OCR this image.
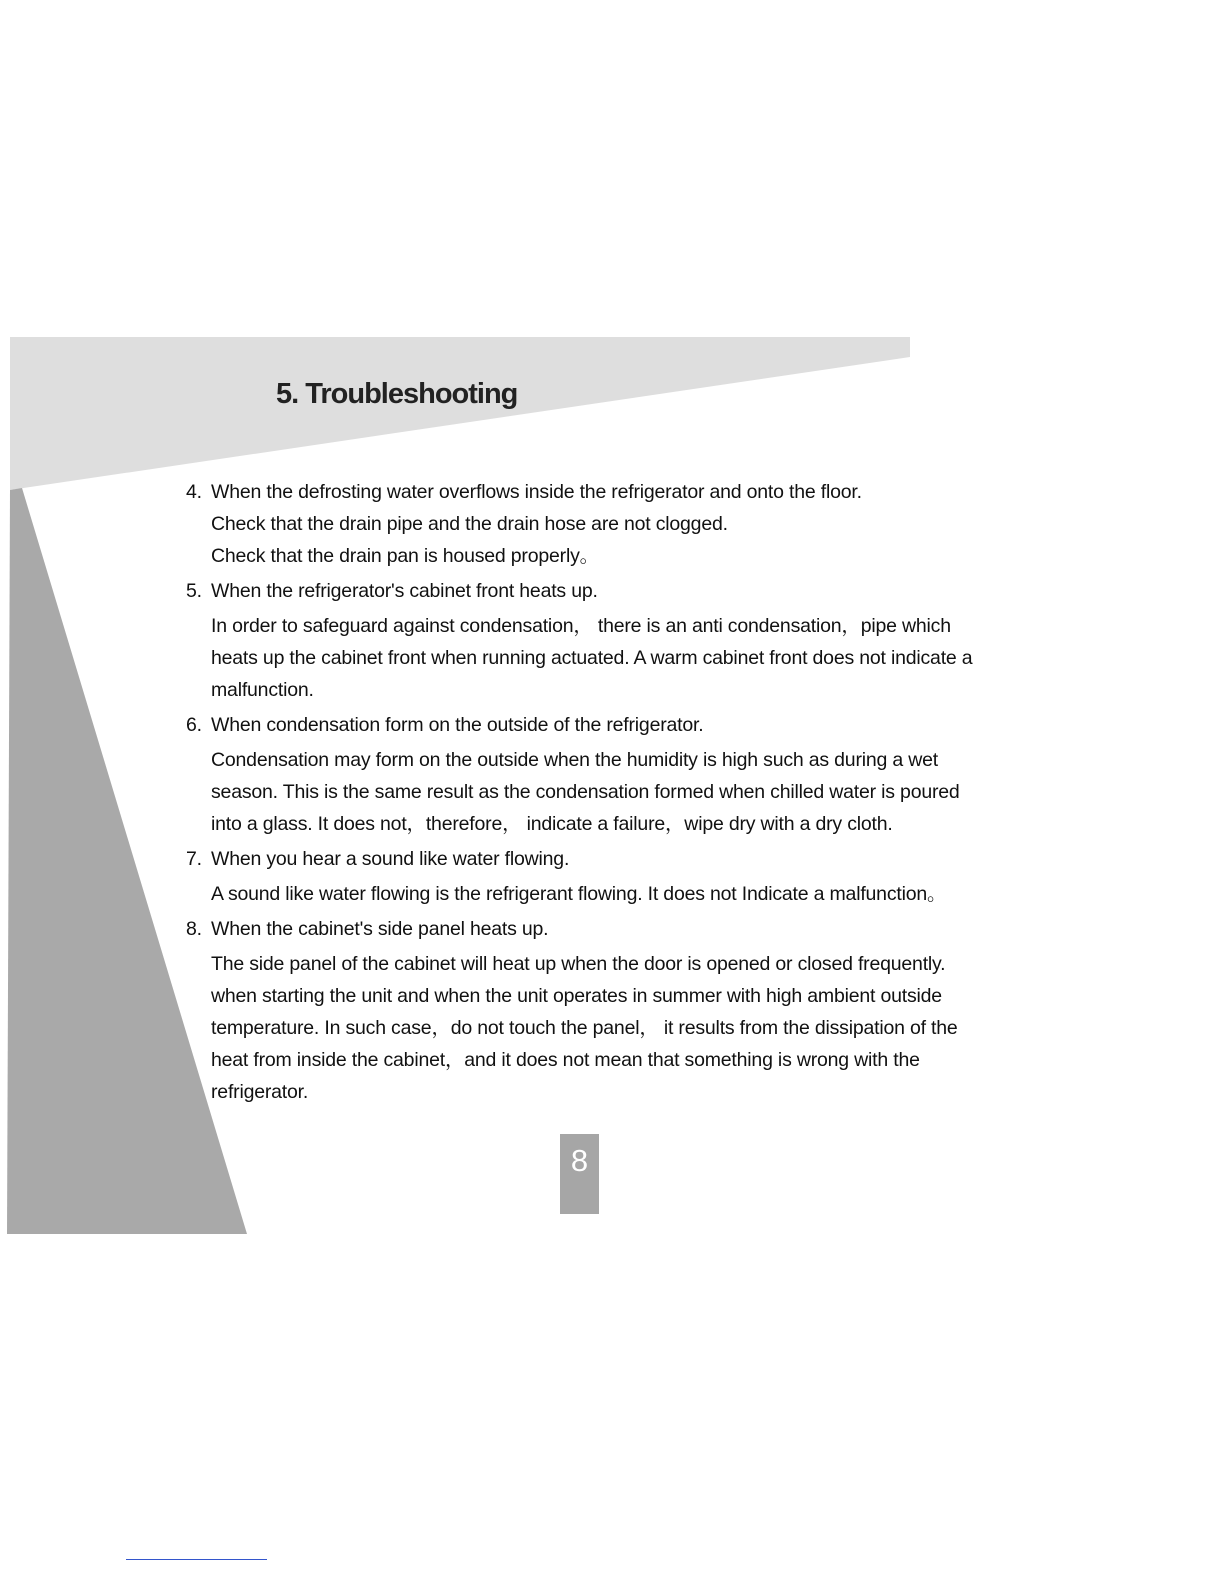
5. Troubleshooting
4. When the defrosting water overflows inside the refrigerator and onto the floor.
Check that the drain pipe and the drain hose are not clogged.
Check that the drain pan is housed properly。
5. When the refrigerator's cabinet front heats up.
In order to safeguard against condensation， there is an anti condensation，pipe which
heats up the cabinet front when running actuated. A warm cabinet front does not indicate a
malfunction.
6. When condensation form on the outside of the refrigerator.
Condensation may form on the outside when the humidity is high such as during a wet
season. This is the same result as the condensation formed when chilled water is poured
into a glass. It does not，therefore， indicate a failure，wipe dry with a dry cloth.
7. When you hear a sound like water flowing.
A sound like water flowing is the refrigerant flowing. It does not Indicate a malfunction。
8. When the cabinet's side panel heats up.
The side panel of the cabinet will heat up when the door is opened or closed frequently.
when starting the unit and when the unit operates in summer with high ambient outside
temperature. In such case，do not touch the panel， it results from the dissipation of the
heat from inside the cabinet，and it does not mean that something is wrong with the
refrigerator.
8
